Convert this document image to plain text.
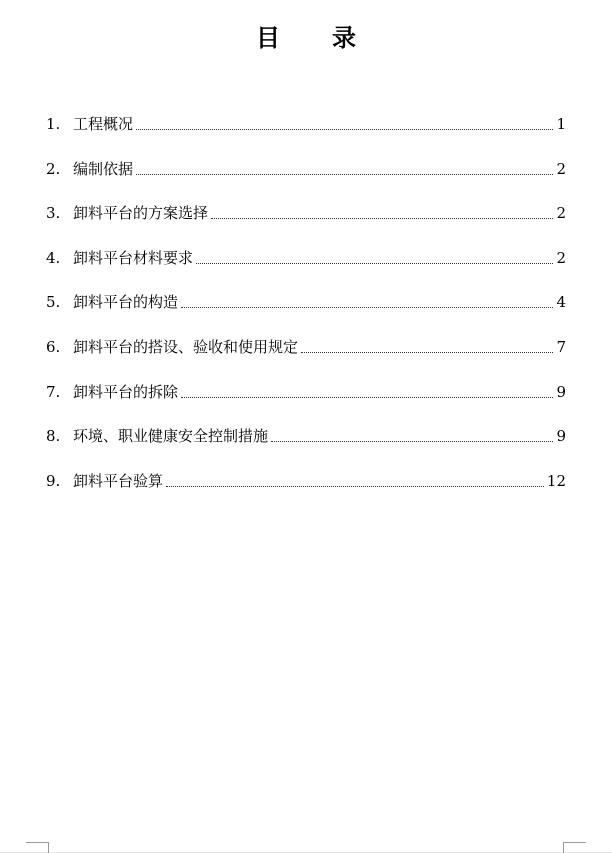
目 录
1. 工程概况	1
2. 编制依据	2
3. 卸料平台的方案选择	2
4. 卸料平台材料要求	2
5. 卸料平台的构造	4
6. 卸料平台的搭设、验收和使用规定	7
7. 卸料平台的拆除	9
8. 环境、职业健康安全控制措施	9
9. 卸料平台验算	12
